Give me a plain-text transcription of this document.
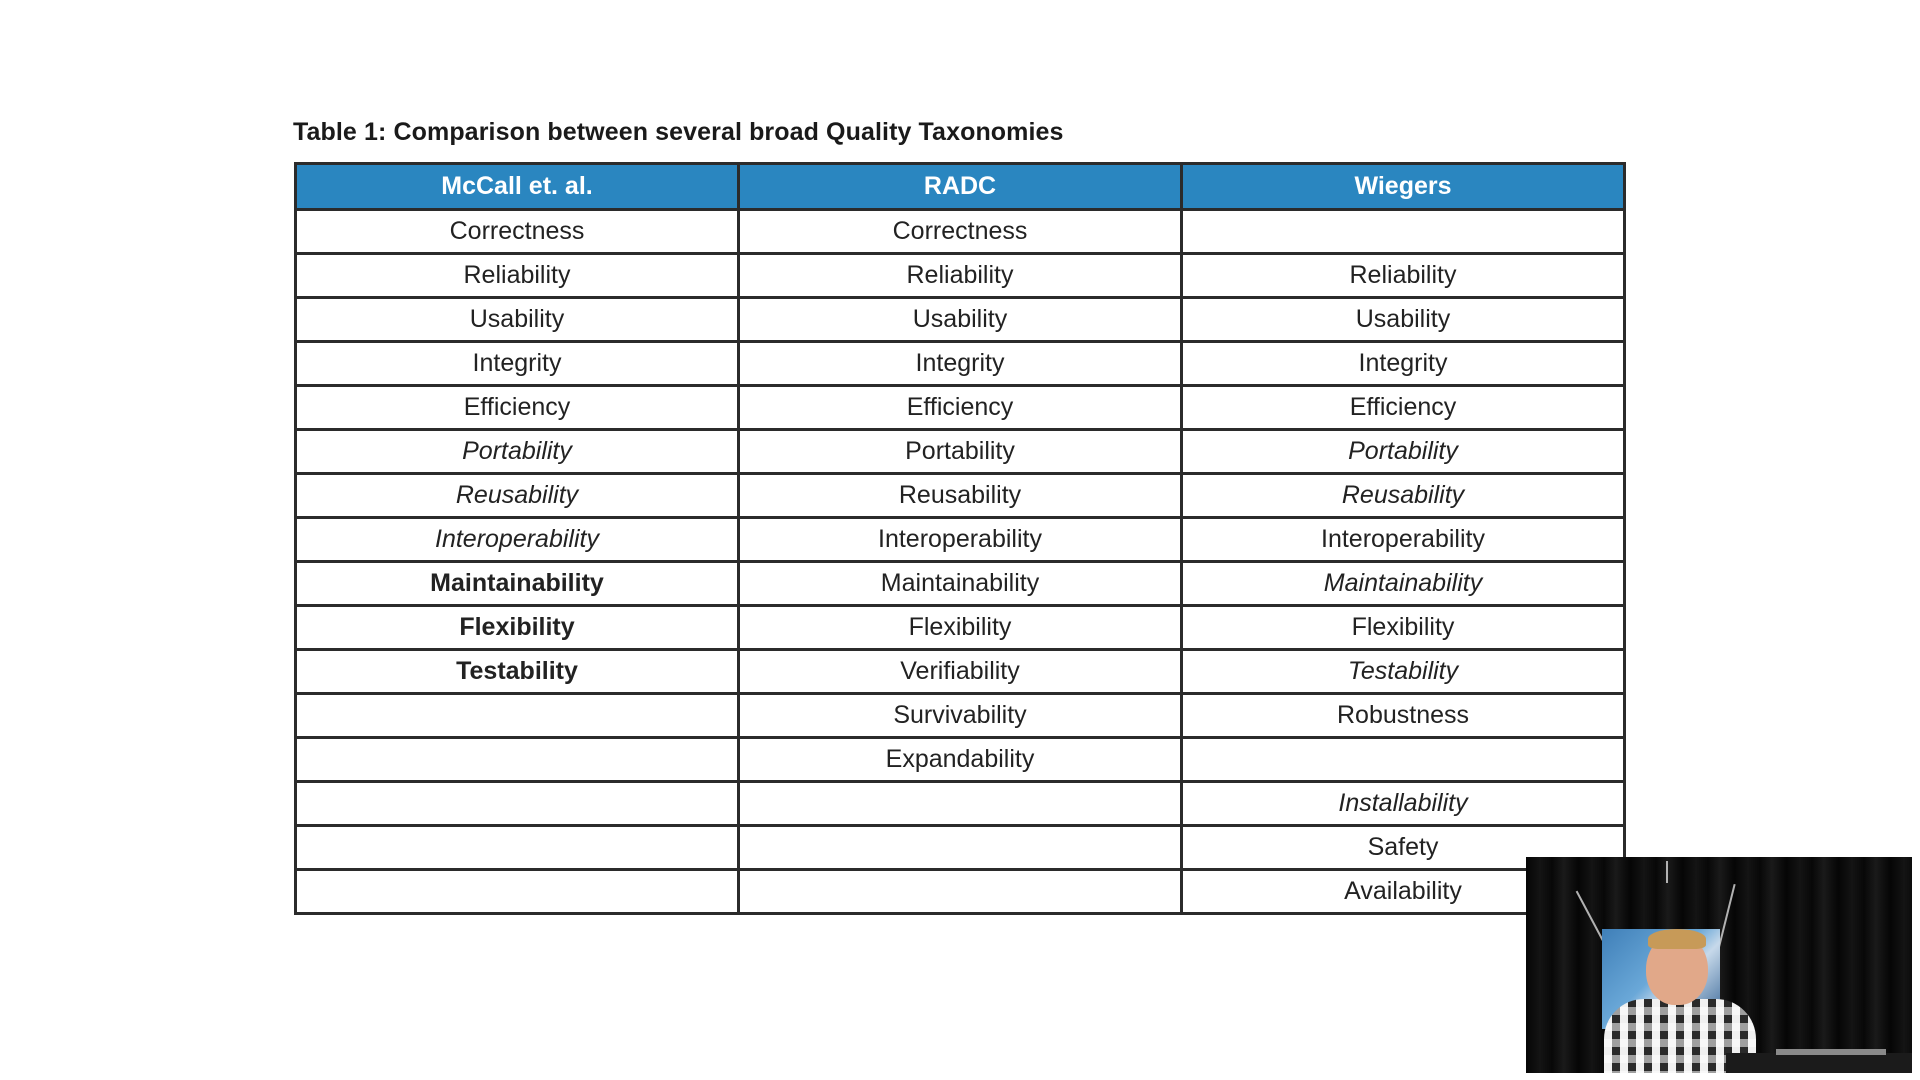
Table 1: Comparison between several broad Quality Taxonomies
McCall et. al.	RADC	Wiegers
Correctness	Correctness	
Reliability	Reliability	Reliability
Usability	Usability	Usability
Integrity	Integrity	Integrity
Efficiency	Efficiency	Efficiency
Portability	Portability	Portability
Reusability	Reusability	Reusability
Interoperability	Interoperability	Interoperability
Maintainability	Maintainability	Maintainability
Flexibility	Flexibility	Flexibility
Testability	Verifiability	Testability
	Survivability	Robustness
	Expandability	
		Installability
		Safety
		Availability
